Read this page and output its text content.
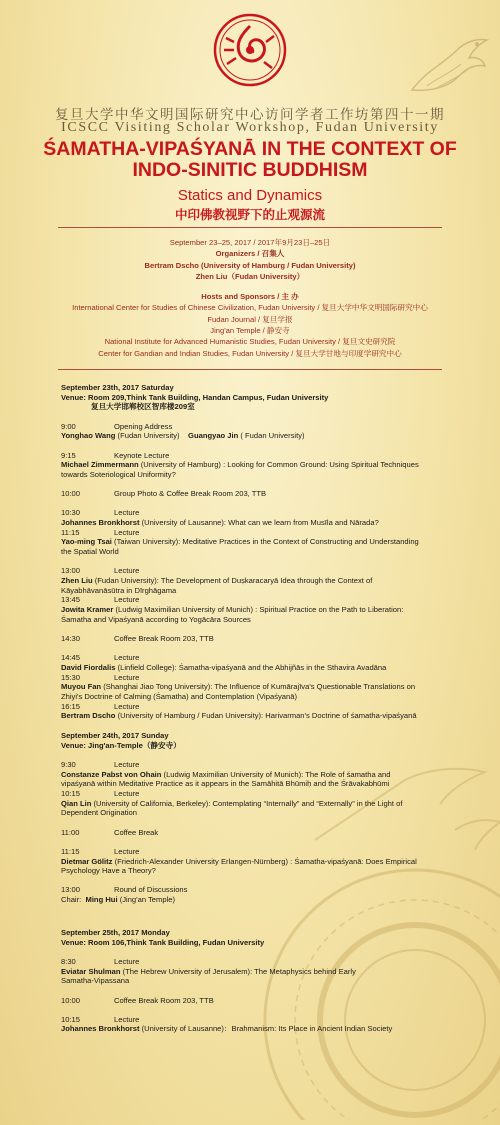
复旦大学中华文明国际研究中心访问学者工作坊第四十一期
ICSCC Visiting Scholar Workshop, Fudan University
ŚAMATHA-VIPAŚYANĀ IN THE CONTEXT OF
INDO-SINITIC BUDDHISM
Statics and Dynamics
中印佛教视野下的止观源流
September 23–25, 2017 / 2017年9月23日–25日
Organizers / 召集人
Bertram Dscho (University of Hamburg / Fudan University)
Zhen Liu（Fudan University）
Hosts and Sponsors / 主 办
International Center for Studies of Chinese Civilization, Fudan University / 复旦大学中华文明国际研究中心
Fudan Journal / 复旦学报
Jing'an Temple / 静安寺
National Institute for Advanced Humanistic Studies, Fudan University / 复旦文史研究院
Center for Gandian and Indian Studies, Fudan University / 复旦大学甘地与印度学研究中心
September 23th, 2017 Saturday
Venue: Room 209,Think Tank Building, Handan Campus, Fudan University
复旦大学邯郸校区智库楼209室
9:00	Opening Address
Yonghao Wang (Fudan University) Guangyao Jin ( Fudan University)
9:15	Keynote Lecture
Michael Zimmermann (University of Hamburg) : Looking for Common Ground: Using Spiritual Techniques
towards Soteriological Uniformity?
10:00	Group Photo & Coffee Break Room 203, TTB
10:30	Lecture
Johannes Bronkhorst (University of Lausanne): What can we learn from Musīla and Nārada?
11:15	Lecture
Yao-ming Tsai (Taiwan University): Meditative Practices in the Context of Constructing and Understanding
the Spatial World
13:00	Lecture
Zhen Liu (Fudan University): The Development of Duṣkaracaryā Idea through the Context of
Kāyabhāvanāsūtra in Dīrghāgama
13:45	Lecture
Jowita Kramer (Ludwig Maximilian University of Munich) : Spiritual Practice on the Path to Liberation:
Śamatha and Vipaśyanā according to Yogācāra Sources
14:30	Coffee Break Room 203, TTB
14:45	Lecture
David Fiordalis (Linfield College): Śamatha-vipaśyanā and the Abhijñās in the Sthavira Avadāna
15:30	Lecture
Muyou Fan (Shanghai Jiao Tong University): The Influence of Kumārajīva's Questionable Translations on
Zhiyi's Doctrine of Calming (Śamatha) and Contemplation (Vipaśyanā)
16:15	Lecture
Bertram Dscho (University of Hamburg / Fudan University): Harivarman's Doctrine of śamatha-vipaśyanā
September 24th, 2017 Sunday
Venue: Jing'an-Temple（静安寺）
9:30	Lecture
Constanze Pabst von Ohain (Ludwig Maximilian University of Munich): The Role of śamatha and
vipaśyanā within Meditative Practice as it appears in the Samāhitā Bhūmiḥ and the Śrāvakabhūmi
10:15	Lecture
Qian Lin (University of California, Berkeley): Contemplating “Internally” and “Externally” in the Light of
Dependent Origination
11:00	Coffee Break
11:15	Lecture
Dietmar Gölitz (Friedrich-Alexander University Erlangen-Nürnberg) : Śamatha-vipaśyanā: Does Empirical
Psychology Have a Theory?
13:00	Round of Discussions
Chair: Ming Hui (Jing'an Temple)
September 25th, 2017 Monday
Venue: Room 106,Think Tank Building, Fudan University
8:30	Lecture
Eviatar Shulman (The Hebrew University of Jerusalem): The Metaphysics behind Early
Samatha-Vipassana
10:00	Coffee Break Room 203, TTB
10:15	Lecture
Johannes Bronkhorst (University of Lausanne)：Brahmanism: Its Place in Ancient Indian Society
